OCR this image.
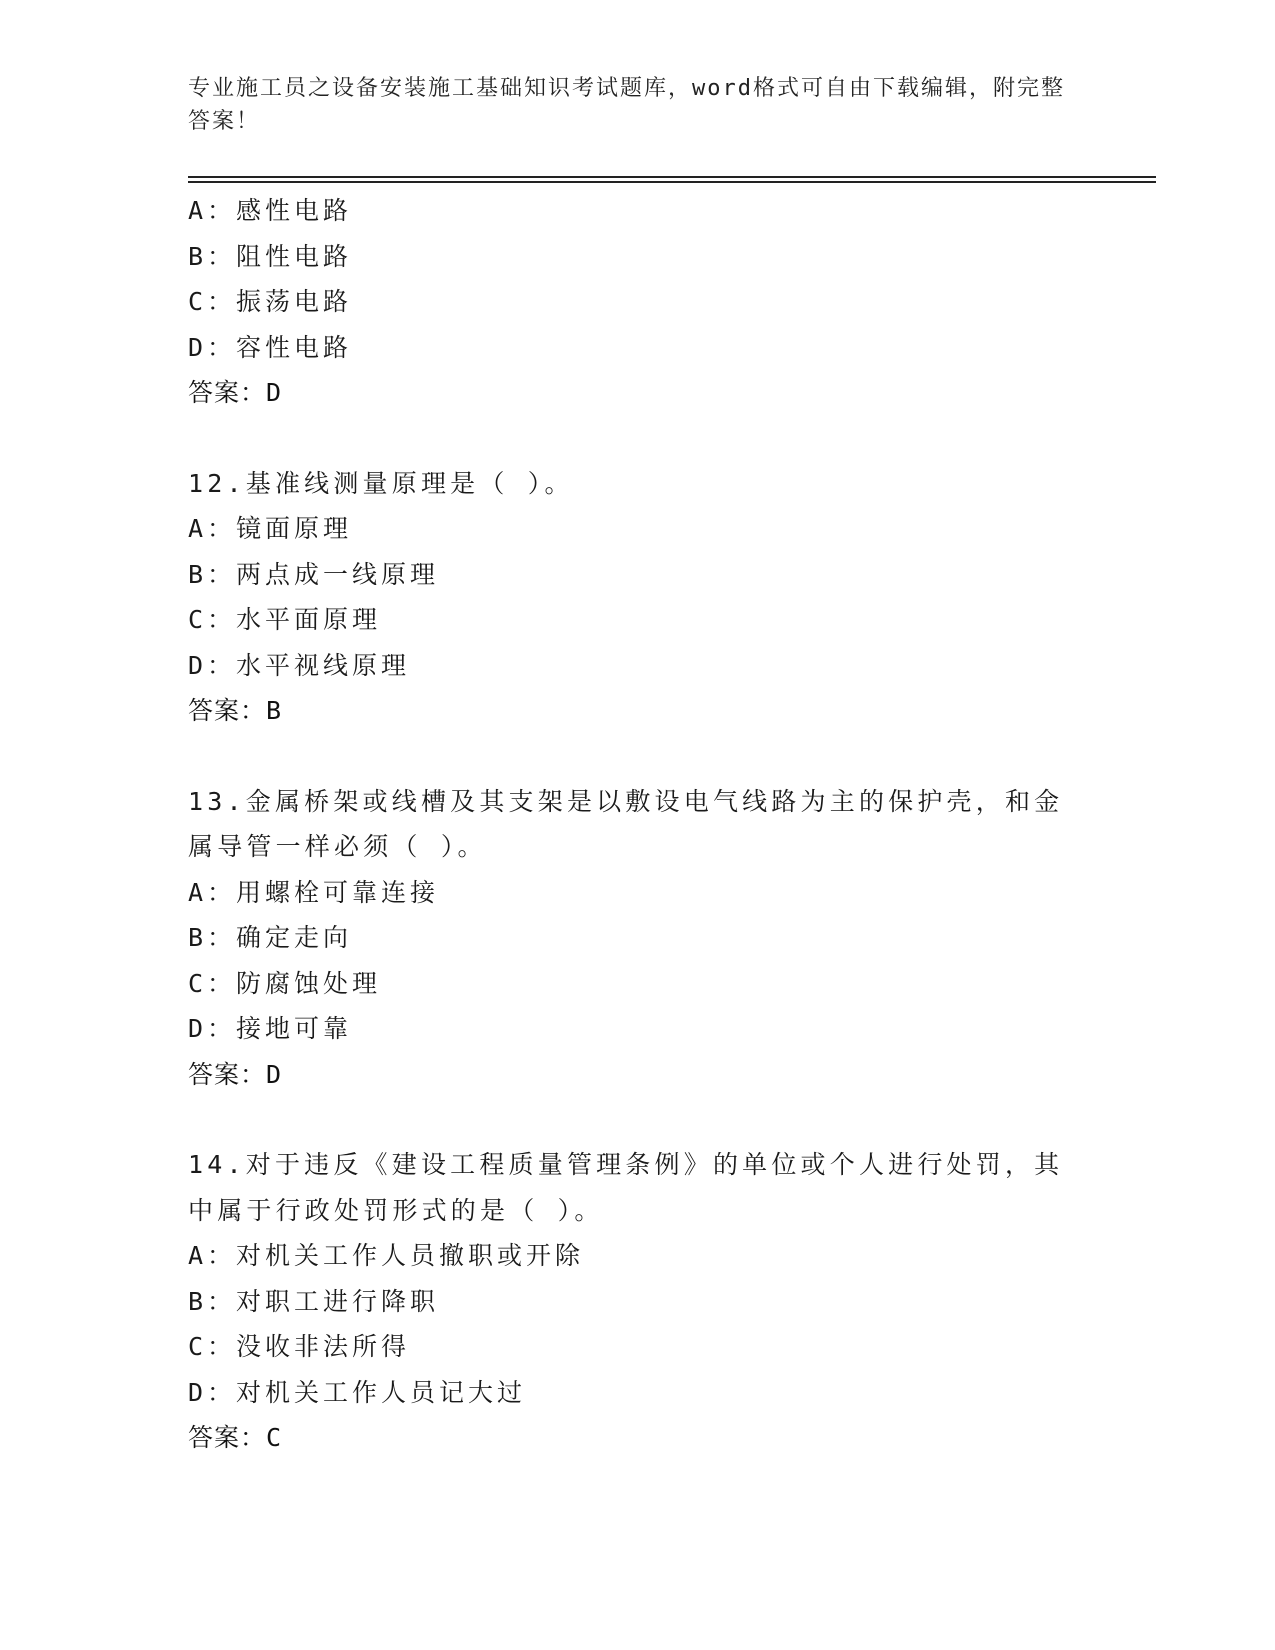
专业施工员之设备安装施工基础知识考试题库，word格式可自由下载编辑，附完整答案！
A：感性电路
B：阻性电路
C：振荡电路
D：容性电路
答案：D
12.基准线测量原理是（ ）。
A：镜面原理
B：两点成一线原理
C：水平面原理
D：水平视线原理
答案：B
13.金属桥架或线槽及其支架是以敷设电气线路为主的保护壳，和金属导管一样必须（ ）。
A：用螺栓可靠连接
B：确定走向
C：防腐蚀处理
D：接地可靠
答案：D
14.对于违反《建设工程质量管理条例》的单位或个人进行处罚，其中属于行政处罚形式的是（ ）。
A：对机关工作人员撤职或开除
B：对职工进行降职
C：没收非法所得
D：对机关工作人员记大过
答案：C
